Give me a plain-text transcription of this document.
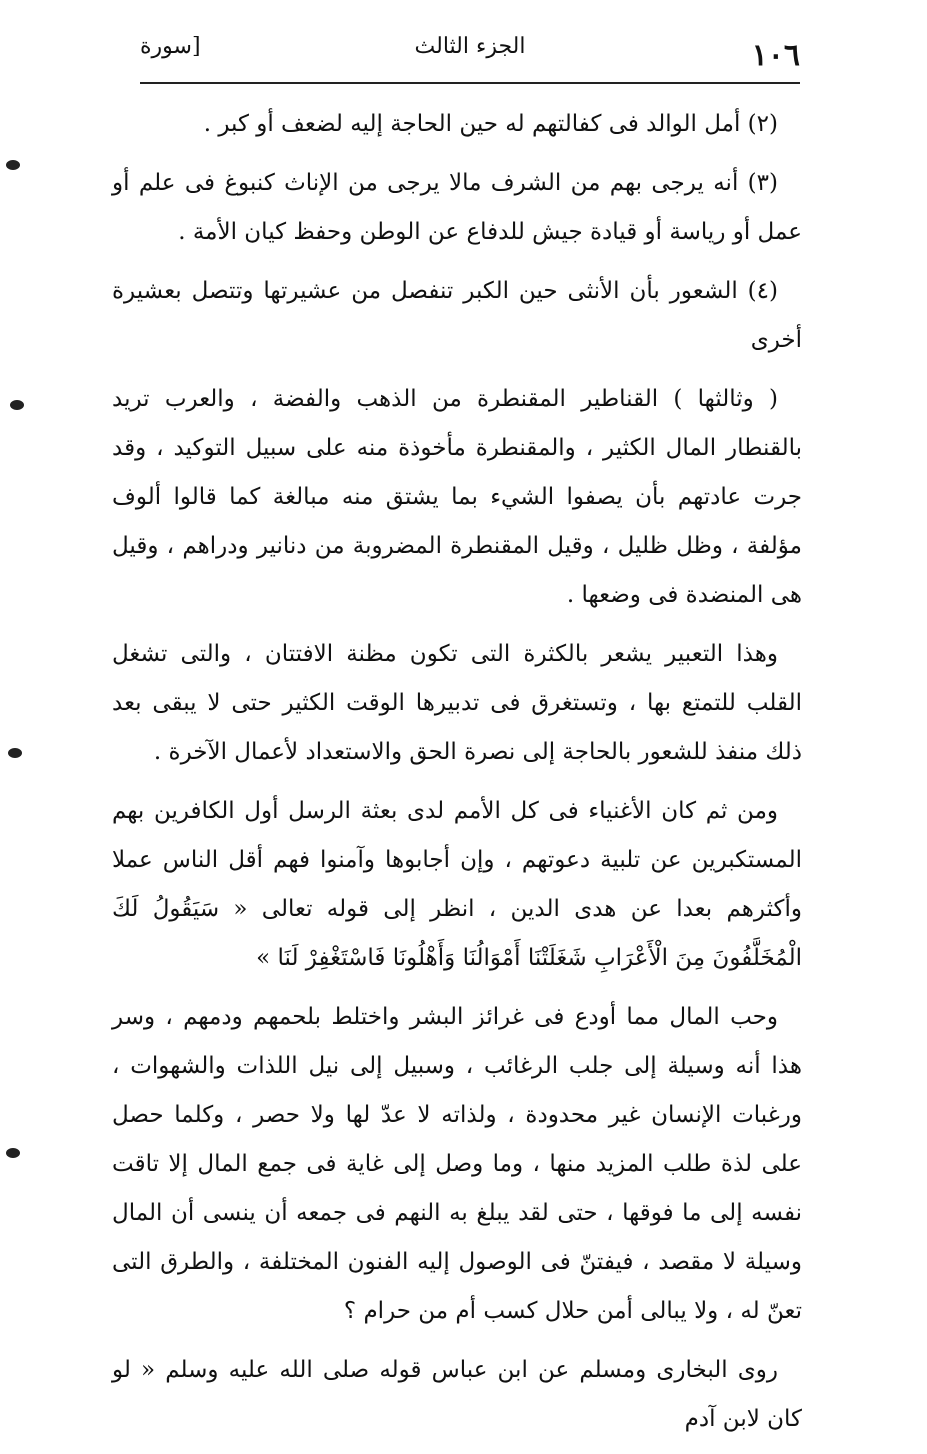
١٠٦
الجزء الثالث
[سورة

(٢) أمل الوالد فى كفالتهم له حين الحاجة إليه لضعف أو كبر .

(٣) أنه يرجى بهم من الشرف مالا يرجى من الإناث كنبوغ فى علم أو عمل أو رياسة أو قيادة جيش للدفاع عن الوطن وحفظ كيان الأمة .

(٤) الشعور بأن الأنثى حين الكبر تنفصل من عشيرتها وتتصل بعشيرة أخرى

( وثالثها ) القناطير المقنطرة من الذهب والفضة ، والعرب تريد بالقنطار المال الكثير ، والمقنطرة مأخوذة منه على سبيل التوكيد ، وقد جرت عادتهم بأن يصفوا الشيء بما يشتق منه مبالغة كما قالوا ألوف مؤلفة ، وظل ظليل ، وقيل المقنطرة المضروبة من دنانير ودراهم ، وقيل هى المنضدة فى وضعها .

وهذا التعبير يشعر بالكثرة التى تكون مظنة الافتتان ، والتى تشغل القلب للتمتع بها ، وتستغرق فى تدبيرها الوقت الكثير حتى لا يبقى بعد ذلك منفذ للشعور بالحاجة إلى نصرة الحق والاستعداد لأعمال الآخرة .

ومن ثم كان الأغنياء فى كل الأمم لدى بعثة الرسل أول الكافرين بهم المستكبرين عن تلبية دعوتهم ، وإن أجابوها وآمنوا فهم أقل الناس عملا وأكثرهم بعدا عن هدى الدين ، انظر إلى قوله تعالى « سَيَقُولُ لَكَ الْمُخَلَّفُونَ مِنَ الْأَعْرَابِ شَغَلَتْنَا أَمْوَالُنَا وَأَهْلُونَا فَاسْتَغْفِرْ لَنَا »

وحب المال مما أودع فى غرائز البشر واختلط بلحمهم ودمهم ، وسر هذا أنه وسيلة إلى جلب الرغائب ، وسبيل إلى نيل اللذات والشهوات ، ورغبات الإنسان غير محدودة ، ولذاته لا عدّ لها ولا حصر ، وكلما حصل على لذة طلب المزيد منها ، وما وصل إلى غاية فى جمع المال إلا تاقت نفسه إلى ما فوقها ، حتى لقد يبلغ به النهم فى جمعه أن ينسى أن المال وسيلة لا مقصد ، فيفتنّ فى الوصول إليه الفنون المختلفة ، والطرق التى تعنّ له ، ولا يبالى أمن حلال كسب أم من حرام ؟

روى البخارى ومسلم عن ابن عباس قوله صلى الله عليه وسلم « لو كان لابن آدم
